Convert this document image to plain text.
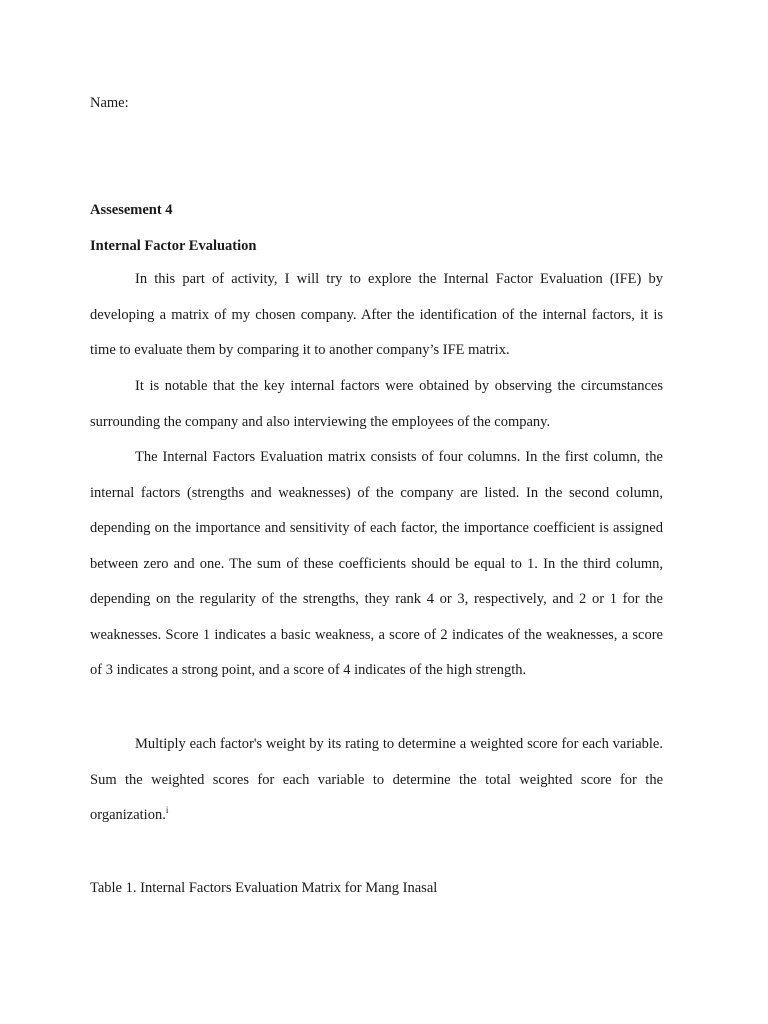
Name:
Assesement 4
Internal Factor Evaluation

In this part of activity, I will try to explore the Internal Factor Evaluation (IFE) by developing a matrix of my chosen company. After the identification of the internal factors, it is time to evaluate them by comparing it to another company’s IFE matrix.

It is notable that the key internal factors were obtained by observing the circumstances surrounding the company and also interviewing the employees of the company.

The Internal Factors Evaluation matrix consists of four columns. In the first column, the internal factors (strengths and weaknesses) of the company are listed. In the second column, depending on the importance and sensitivity of each factor, the importance coefficient is assigned between zero and one. The sum of these coefficients should be equal to 1. In the third column, depending on the regularity of the strengths, they rank 4 or 3, respectively, and 2 or 1 for the weaknesses. Score 1 indicates a basic weakness, a score of 2 indicates of the weaknesses, a score of 3 indicates a strong point, and a score of 4 indicates of the high strength.

Multiply each factor's weight by its rating to determine a weighted score for each variable. Sum the weighted scores for each variable to determine the total weighted score for the organization.$^i$

Table 1. Internal Factors Evaluation Matrix for Mang Inasal
